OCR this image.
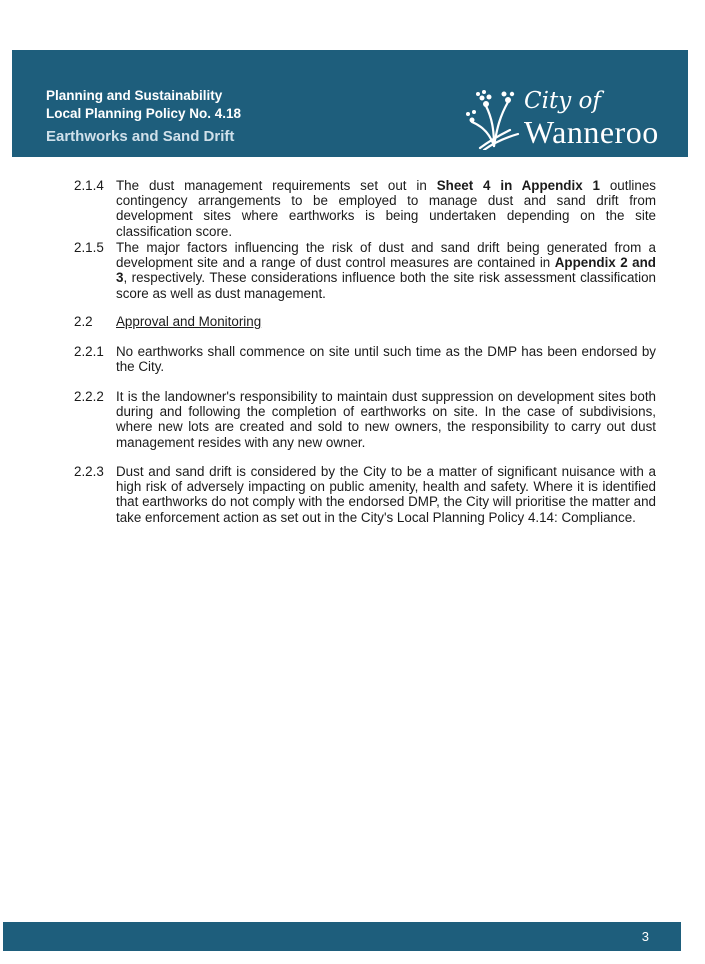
Planning and Sustainability
Local Planning Policy No. 4.18
Earthworks and Sand Drift
City of
Wanneroo
2.1.4 The dust management requirements set out in Sheet 4 in Appendix 1 outlines contingency arrangements to be employed to manage dust and sand drift from development sites where earthworks is being undertaken depending on the site classification score.
2.1.5 The major factors influencing the risk of dust and sand drift being generated from a development site and a range of dust control measures are contained in Appendix 2 and 3, respectively. These considerations influence both the site risk assessment classification score as well as dust management.
2.2 Approval and Monitoring
2.2.1 No earthworks shall commence on site until such time as the DMP has been endorsed by the City.
2.2.2 It is the landowner's responsibility to maintain dust suppression on development sites both during and following the completion of earthworks on site. In the case of subdivisions, where new lots are created and sold to new owners, the responsibility to carry out dust management resides with any new owner.
2.2.3 Dust and sand drift is considered by the City to be a matter of significant nuisance with a high risk of adversely impacting on public amenity, health and safety. Where it is identified that earthworks do not comply with the endorsed DMP, the City will prioritise the matter and take enforcement action as set out in the City's Local Planning Policy 4.14: Compliance.
3
